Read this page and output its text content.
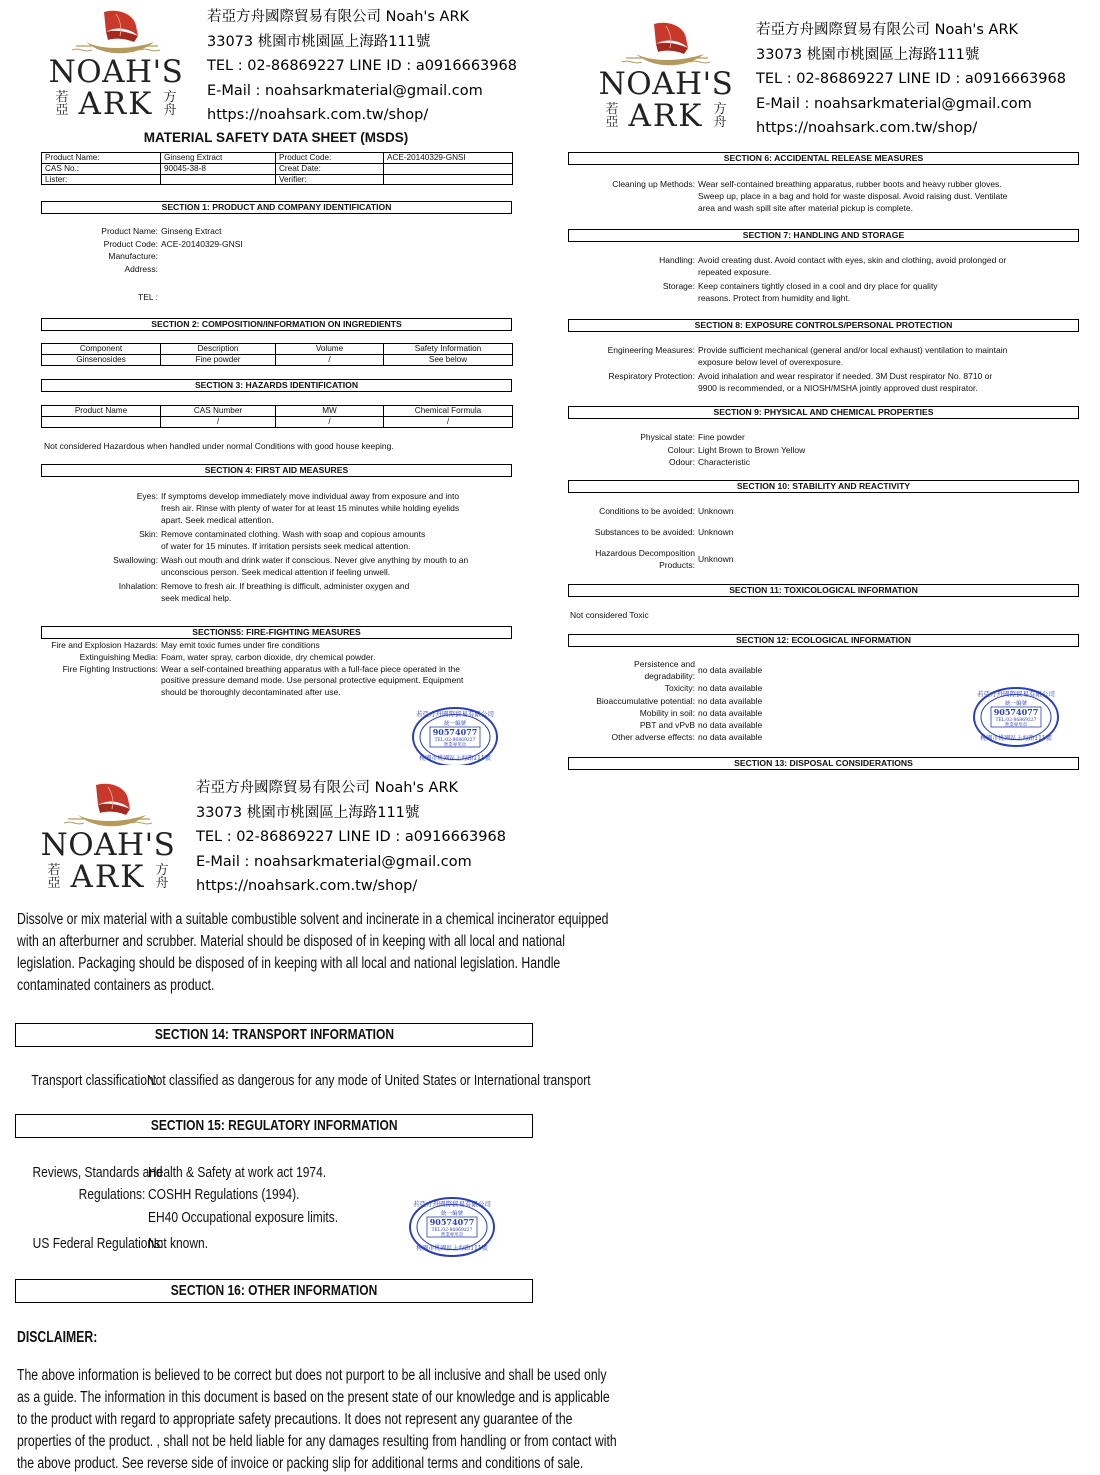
NOAH'S
ARK
若亞
方舟
若亞方舟國際貿易有限公司 Noah's ARK
33073 桃園市桃園區上海路111號
TEL : 02-86869227 LINE ID : a0916663968
E-Mail : noahsarkmaterial@gmail.com
https://noahsark.com.tw/shop/
MATERIAL SAFETY DATA SHEET (MSDS)
Product Name:	Ginseng Extract	Product Code:	ACE-20140329-GNSI
CAS No.:	90045-38-8	Creat Date:	
Lister:		Verifier:	
SECTION 1: PRODUCT AND COMPANY IDENTIFICATION
Product Name: Ginseng Extract
Product Code: ACE-20140329-GNSI
Manufacture:
Address:
TEL :
SECTION 2: COMPOSITION/INFORMATION ON INGREDIENTS
Component	Description	Volume	Safety Information
Ginsenosides	Fine powder	/	See below
SECTION 3: HAZARDS IDENTIFICATION
Product Name	CAS Number	MW	Chemical Formula
	/	/	/
Not considered Hazardous when handled under normal Conditions with good house keeping.
SECTION 4: FIRST AID MEASURES
Eyes: If symptoms develop immediately move individual away from exposure and into
fresh air. Rinse with plenty of water for at least 15 minutes while holding eyelids
apart. Seek medical attention.
Skin: Remove contaminated clothing. Wash with soap and copious amounts
of water for 15 minutes. If irritation persists seek medical attention.
Swallowing: Wash out mouth and drink water if conscious. Never give anything by mouth to an
unconscious person. Seek medical attention if feeling unwell.
Inhalation: Remove to fresh air. If breathing is difficult, administer oxygen and
seek medical help.
SECTIONS5: FIRE-FIGHTING MEASURES
Fire and Explosion Hazards: May emit toxic fumes under fire conditions
Extinguishing Media: Foam, water spray, carbon dioxide, dry chemical powder.
Fire Fighting Instructions: Wear a self-contained breathing apparatus with a full-face piece operated in the
positive pressure demand mode. Use personal protective equipment. Equipment
should be thoroughly decontaminated after use.
若亞方舟國際貿易有限公司
統一編號
90574077
TEL:02-86869227
營業專用章
桃園市桃園區上海路111號
NOAH'S
ARK
若亞
方舟
若亞方舟國際貿易有限公司 Noah's ARK
33073 桃園市桃園區上海路111號
TEL : 02-86869227 LINE ID : a0916663968
E-Mail : noahsarkmaterial@gmail.com
https://noahsark.com.tw/shop/
SECTION 6: ACCIDENTAL RELEASE MEASURES
Cleaning up Methods: Wear self-contained breathing apparatus, rubber boots and heavy rubber gloves.
Sweep up, place in a bag and hold for waste disposal. Avoid raising dust. Ventilate
area and wash spill site after material pickup is complete.
SECTION 7: HANDLING AND STORAGE
Handling: Avoid creating dust. Avoid contact with eyes, skin and clothing, avoid prolonged or
repeated exposure.
Storage: Keep containers tightly closed in a cool and dry place for quality
reasons. Protect from humidity and light.
SECTION 8: EXPOSURE CONTROLS/PERSONAL PROTECTION
Engineering Measures: Provide sufficient mechanical (general and/or local exhaust) ventilation to maintain
exposure below level of overexposure.
Respiratory Protection: Avoid inhalation and wear respirator if needed. 3M Dust respirator No. 8710 or
9900 is recommended, or a NIOSH/MSHA jointly approved dust respirator.
SECTION 9: PHYSICAL AND CHEMICAL PROPERTIES
Physical state: Fine powder
Colour: Light Brown to Brown Yellow
Odour: Characteristic
SECTION 10: STABILITY AND REACTIVITY
Conditions to be avoided: Unknown
Substances to be avoided: Unknown
Hazardous Decomposition
Products:
Unknown
SECTION 11: TOXICOLOGICAL INFORMATION
Not considered Toxic
SECTION 12: ECOLOGICAL INFORMATION
Persistence and
degradability:
no data available
Toxicity: no data available
Bioaccumulative potential: no data available
Mobility in soil: no data available
PBT and vPvB no data available
Other adverse effects: no data available
SECTION 13: DISPOSAL CONSIDERATIONS
若亞方舟國際貿易有限公司
統一編號
90574077
TEL:02-86869227
營業專用章
桃園市桃園區上海路111號
NOAH'S
ARK
若亞
方舟
若亞方舟國際貿易有限公司 Noah's ARK
33073 桃園市桃園區上海路111號
TEL : 02-86869227 LINE ID : a0916663968
E-Mail : noahsarkmaterial@gmail.com
https://noahsark.com.tw/shop/
Dissolve or mix material with a suitable combustible solvent and incinerate in a chemical incinerator equipped
with an afterburner and scrubber. Material should be disposed of in keeping with all local and national
legislation. Packaging should be disposed of in keeping with all local and national legislation. Handle
contaminated containers as product.
SECTION 14: TRANSPORT INFORMATION
Transport classification:
Not classified as dangerous for any mode of United States or International transport
SECTION 15: REGULATORY INFORMATION
Reviews, Standards and
Regulations:
Health & Safety at work act 1974.
COSHH Regulations (1994).
EH40 Occupational exposure limits.
US Federal Regulations:
Not known.
SECTION 16: OTHER INFORMATION
DISCLAIMER:
The above information is believed to be correct but does not purport to be all inclusive and shall be used only
as a guide. The information in this document is based on the present state of our knowledge and is applicable
to the product with regard to appropriate safety precautions. It does not represent any guarantee of the
properties of the product. , shall not be held liable for any damages resulting from handling or from contact with
the above product. See reverse side of invoice or packing slip for additional terms and conditions of sale.
若亞方舟國際貿易有限公司
統一編號
90574077
TEL:02-86869227
營業專用章
桃園市桃園區上海路111號
